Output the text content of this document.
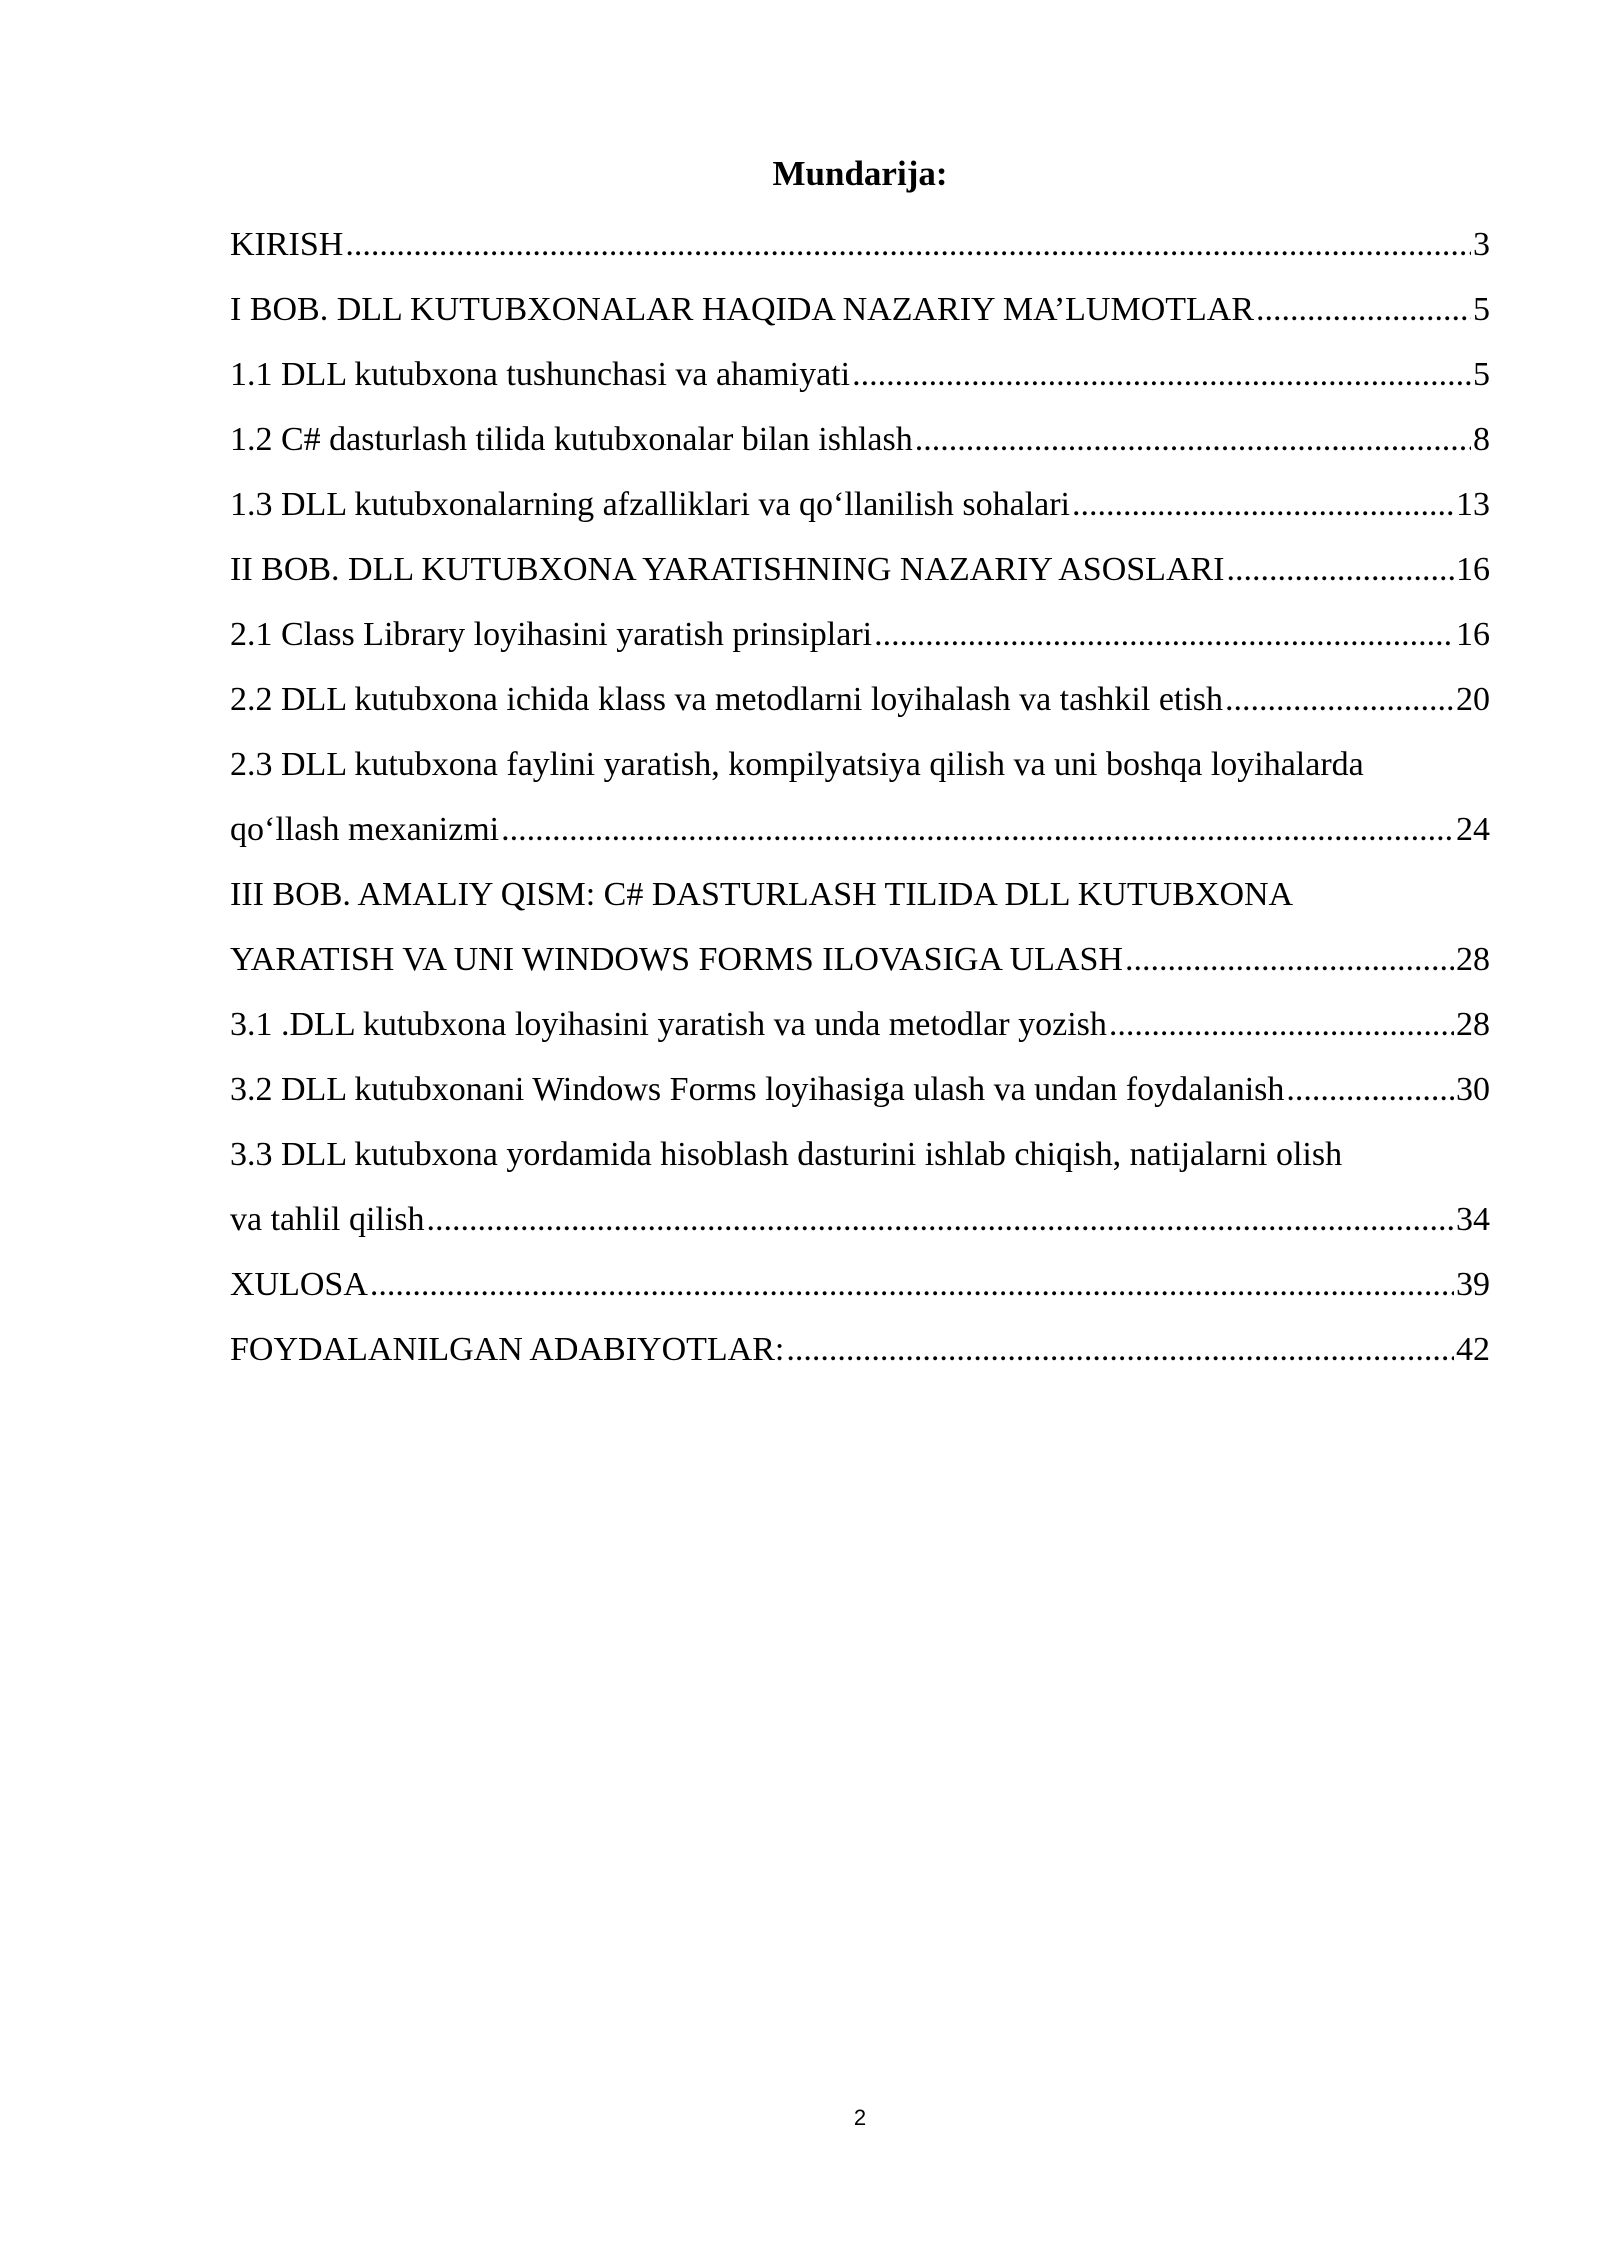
Mundarija:
KIRISH .....	3
I BOB. DLL KUTUBXONALAR HAQIDA NAZARIY MA’LUMOTLAR .....	5
1.1 DLL kutubxona tushunchasi va ahamiyati .....	5
1.2 C# dasturlash tilida kutubxonalar bilan ishlash .....	8
1.3 DLL kutubxonalarning afzalliklari va qo‘llanilish sohalari .....	13
II BOB. DLL KUTUBXONA YARATISHNING NAZARIY ASOSLARI .....	16
2.1 Class Library loyihasini yaratish prinsiplari .....	16
2.2 DLL kutubxona ichida klass va metodlarni loyihalash va tashkil etish .....	20
2.3 DLL kutubxona faylini yaratish, kompilyatsiya qilish va uni boshqa loyihalarda
qo‘llash mexanizmi .....	24
III BOB. AMALIY QISM: C# DASTURLASH TILIDA DLL KUTUBXONA
YARATISH VA UNI WINDOWS FORMS ILOVASIGA ULASH .....	28
3.1 .DLL kutubxona loyihasini yaratish va unda metodlar yozish .....	28
3.2 DLL kutubxonani Windows Forms loyihasiga ulash va undan foydalanish .....	30
3.3 DLL kutubxona yordamida hisoblash dasturini ishlab chiqish, natijalarni olish
va tahlil qilish .....	34
XULOSA .....	39
FOYDALANILGAN ADABIYOTLAR: .....	42
2
